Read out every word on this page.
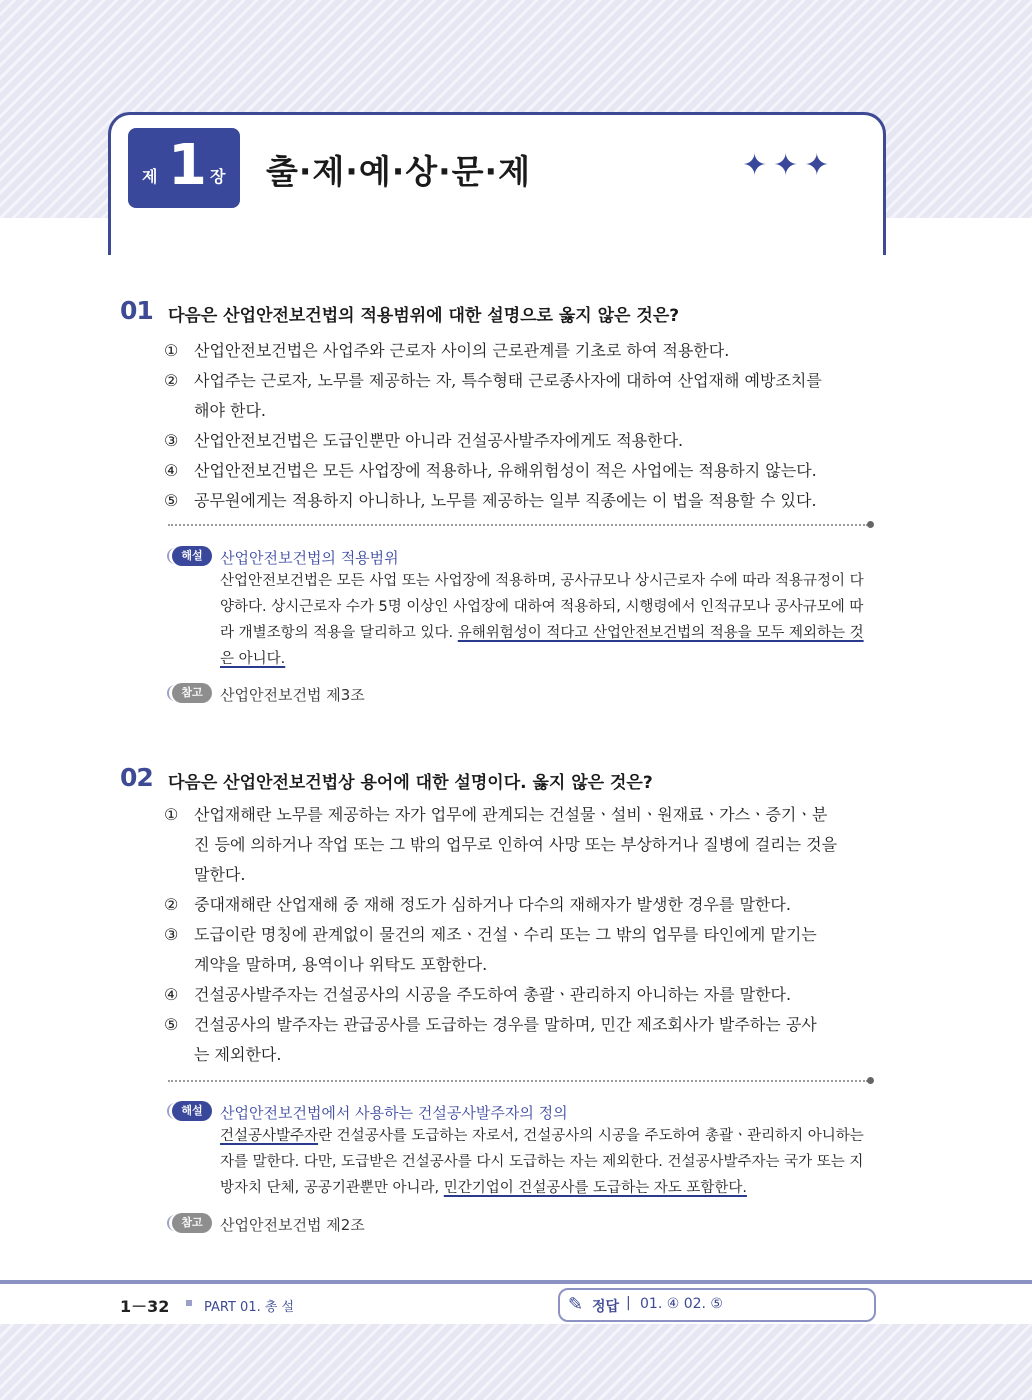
제 1 장 출·제·예·상·문·제	✦✦✦
01 다음은 산업안전보건법의 적용범위에 대한 설명으로 옳지 않은 것은?
① 산업안전보건법은 사업주와 근로자 사이의 근로관계를 기초로 하여 적용한다.
② 사업주는 근로자, 노무를 제공하는 자, 특수형태 근로종사자에 대하여 산업재해 예방조치를
해야 한다.
③ 산업안전보건법은 도급인뿐만 아니라 건설공사발주자에게도 적용한다.
④ 산업안전보건법은 모든 사업장에 적용하나, 유해위험성이 적은 사업에는 적용하지 않는다.
⑤ 공무원에게는 적용하지 아니하나, 노무를 제공하는 일부 직종에는 이 법을 적용할 수 있다.
해설	산업안전보건법의 적용범위
산업안전보건법은 모든 사업 또는 사업장에 적용하며, 공사규모나 상시근로자 수에 따라 적용규정이 다양하다. 상시근로자 수가 5명 이상인 사업장에 대하여 적용하되, 시행령에서 인적규모나 공사규모에 따라 개별조항의 적용을 달리하고 있다. 유해위험성이 적다고 산업안전보건법의 적용을 모두 제외하는 것은 아니다.
참고	산업안전보건법 제3조
02 다음은 산업안전보건법상 용어에 대한 설명이다. 옳지 않은 것은?
① 산업재해란 노무를 제공하는 자가 업무에 관계되는 건설물ㆍ설비ㆍ원재료ㆍ가스ㆍ증기ㆍ분
진 등에 의하거나 작업 또는 그 밖의 업무로 인하여 사망 또는 부상하거나 질병에 걸리는 것을
말한다.
② 중대재해란 산업재해 중 재해 정도가 심하거나 다수의 재해자가 발생한 경우를 말한다.
③ 도급이란 명칭에 관계없이 물건의 제조ㆍ건설ㆍ수리 또는 그 밖의 업무를 타인에게 맡기는
계약을 말하며, 용역이나 위탁도 포함한다.
④ 건설공사발주자는 건설공사의 시공을 주도하여 총괄ㆍ관리하지 아니하는 자를 말한다.
⑤ 건설공사의 발주자는 관급공사를 도급하는 경우를 말하며, 민간 제조회사가 발주하는 공사
는 제외한다.
해설	산업안전보건법에서 사용하는 건설공사발주자의 정의
건설공사발주자란 건설공사를 도급하는 자로서, 건설공사의 시공을 주도하여 총괄ㆍ관리하지 아니하는 자를 말한다. 다만, 도급받은 건설공사를 다시 도급하는 자는 제외한다. 건설공사발주자는 국가 또는 지방자치 단체, 공공기관뿐만 아니라, 민간기업이 건설공사를 도급하는 자도 포함한다.
참고	산업안전보건법 제2조
1－32	PART 01. 총 설	✎ 정답 | 01. ④ 02. ⑤
